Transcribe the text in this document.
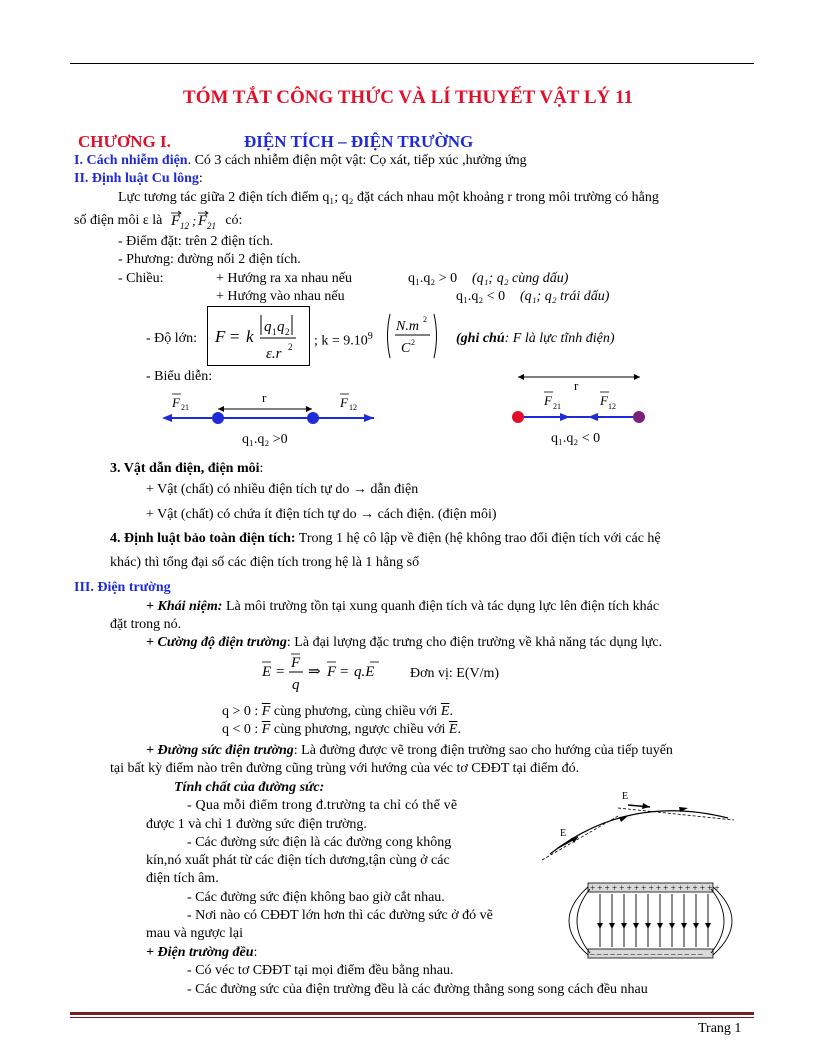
TÓM TẮT CÔNG THỨC VÀ LÍ THUYẾT VẬT LÝ 11
CHƯƠNG I.	ĐIỆN TÍCH – ĐIỆN TRƯỜNG
I. Cách nhiễm điện. Có 3 cách nhiễm điện một vật: Cọ xát, tiếp xúc ,hưởng ứng
II. Định luật Cu lông:
Lực tương tác giữa 2 điện tích điểm q₁; q₂ đặt cách nhau một khoảng r trong môi trường có hằng
số điện môi ε là F 12 ; F 21 có:
- Điểm đặt: trên 2 điện tích.
- Phương: đường nối 2 điện tích.
- Chiều:	+ Hướng ra xa nhau nếu	q₁.q₂ > 0 (q₁; q₂ cùng dấu)
+ Hướng vào nhau nếu	q₁.q₂ < 0 (q₁; q₂ trái dấu)
- Độ lớn: F = k q 1 q 2
ε.r 2 ; $k = 9.10^9$
N.m 2
C 2	(ghi chú: F là lực tĩnh điện)
- Biểu diễn:
r
F 21	F 12
q₁.q₂ >0
r
F 21	F 12
q₁.q₂ < 0
3. Vật dẫn điện, điện môi:
+ Vật (chất) có nhiều điện tích tự do → dẫn điện
+ Vật (chất) có chứa ít điện tích tự do → cách điện. (điện môi)
4. Định luật bảo toàn điện tích: Trong 1 hệ cô lập về điện (hệ không trao đổi điện tích với các hệ
khác) thì tổng đại số các điện tích trong hệ là 1 hằng số
III. Điện trường
+ Khái niệm: Là môi trường tồn tại xung quanh điện tích và tác dụng lực lên điện tích khác
đặt trong nó.
+ Cường độ điện trường: Là đại lượng đặc trưng cho điện trường về khả năng tác dụng lực.
E =
F
q
⇒ F = q.E	Đơn vị: E(V/m)
q > 0 : $\overline{F}$ cùng phương, cùng chiều với $\overline{E}$.
q < 0 : $\overline{F}$ cùng phương, ngược chiều với $\overline{E}$.
+ Đường sức điện trường: Là đường được vẽ trong điện trường sao cho hướng của tiếp tuyến
tại bất kỳ điểm nào trên đường cũng trùng với hướng của véc tơ CĐĐT tại điểm đó.
Tính chất của đường sức:
- Qua mỗi điểm trong đ.trường ta chỉ có thể vẽ
được 1 và chỉ 1 đường sức điện trường.
- Các đường sức điện là các đường cong không
kín,nó xuất phát từ các điện tích dương,tận cùng ở các
điện tích âm.
- Các đường sức điện không bao giờ cắt nhau.
- Nơi nào có CĐĐT lớn hơn thì các đường sức ở đó vẽ
mau và ngược lại
+ Điện trường đều:
- Có véc tơ CĐĐT tại mọi điểm đều bằng nhau.
- Các đường sức của điện trường đều là các đường thẳng song song cách đều nhau
E
E
+ + + + + + + + + + + + + + + + + +
– – – – – – – – – – – – – – – – –
Trang 1
